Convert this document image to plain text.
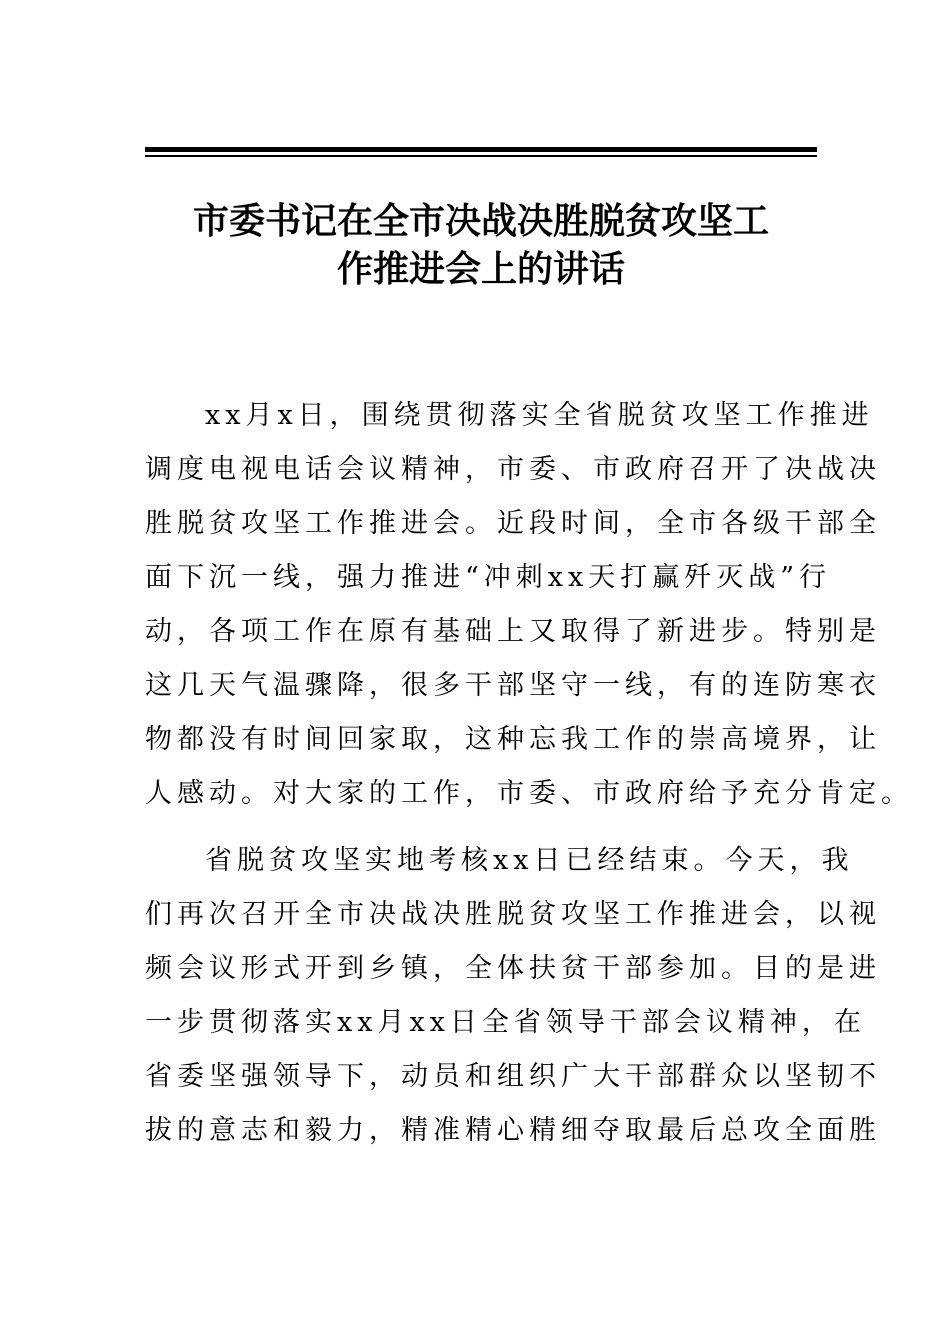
市委书记在全市决战决胜脱贫攻坚工
作推进会上的讲话

xx月x日，围绕贯彻落实全省脱贫攻坚工作推进
调度电视电话会议精神，市委、市政府召开了决战决
胜脱贫攻坚工作推进会。近段时间，全市各级干部全
面下沉一线，强力推进“冲刺xx天打赢歼灭战”行
动，各项工作在原有基础上又取得了新进步。特别是
这几天气温骤降，很多干部坚守一线，有的连防寒衣
物都没有时间回家取，这种忘我工作的崇高境界，让
人感动。对大家的工作，市委、市政府给予充分肯定。

省脱贫攻坚实地考核xx日已经结束。今天，我
们再次召开全市决战决胜脱贫攻坚工作推进会，以视
频会议形式开到乡镇，全体扶贫干部参加。目的是进
一步贯彻落实xx月xx日全省领导干部会议精神，在
省委坚强领导下，动员和组织广大干部群众以坚韧不
拔的意志和毅力，精准精心精细夺取最后总攻全面胜
